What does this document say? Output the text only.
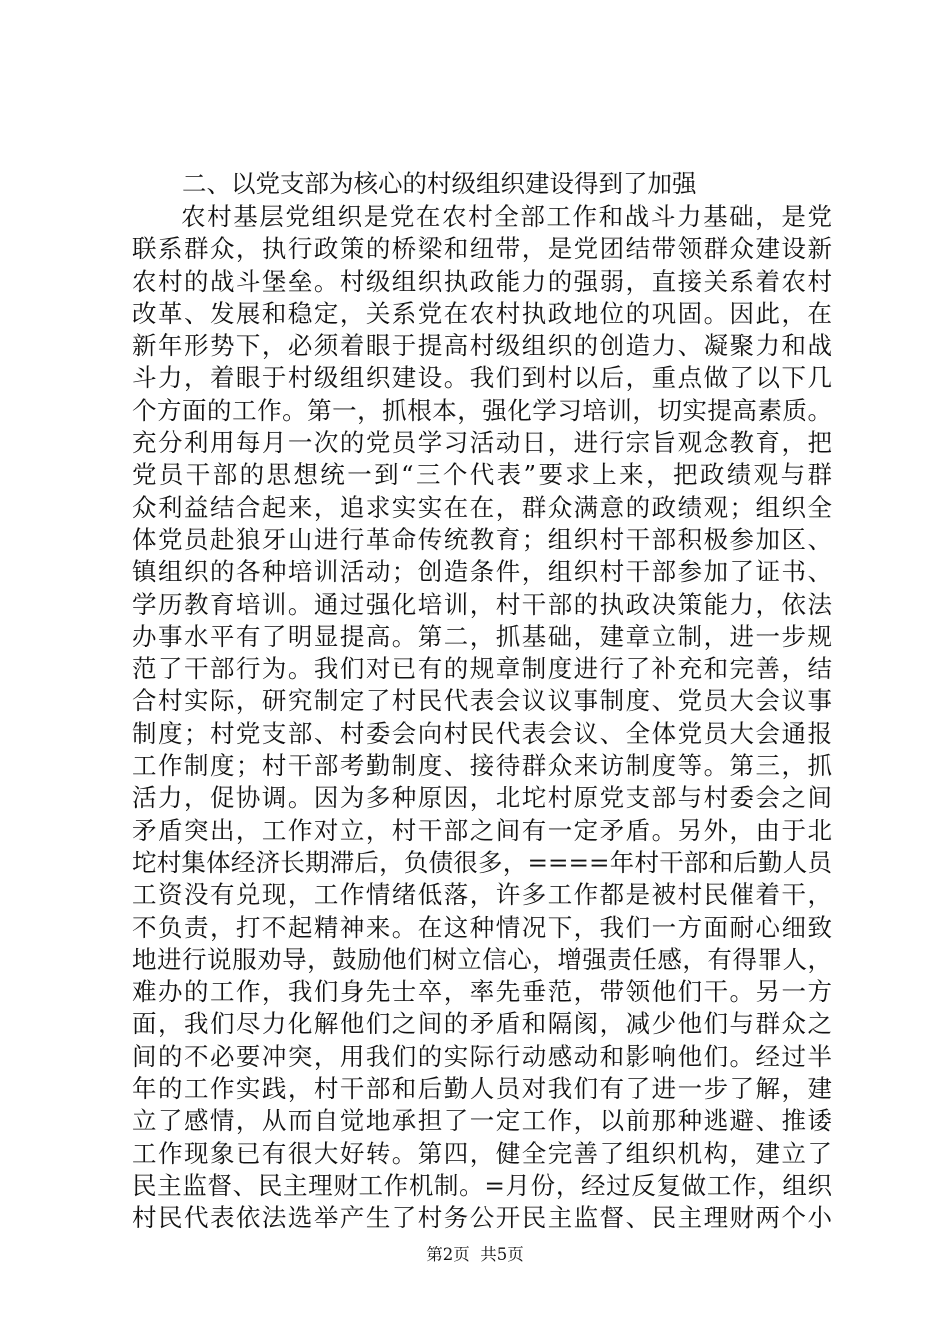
二、以党支部为核心的村级组织建设得到了加强
农村基层党组织是党在农村全部工作和战斗力基础，是党
联系群众，执行政策的桥梁和纽带，是党团结带领群众建设新
农村的战斗堡垒。村级组织执政能力的强弱，直接关系着农村
改革、发展和稳定，关系党在农村执政地位的巩固。因此，在
新年形势下，必须着眼于提高村级组织的创造力、凝聚力和战
斗力，着眼于村级组织建设。我们到村以后，重点做了以下几
个方面的工作。第一，抓根本，强化学习培训，切实提高素质。
充分利用每月一次的党员学习活动日，进行宗旨观念教育，把
党员干部的思想统一到“三个代表”要求上来，把政绩观与群
众利益结合起来，追求实实在在，群众满意的政绩观；组织全
体党员赴狼牙山进行革命传统教育；组织村干部积极参加区、
镇组织的各种培训活动；创造条件，组织村干部参加了证书、
学历教育培训。通过强化培训，村干部的执政决策能力，依法
办事水平有了明显提高。第二，抓基础，建章立制，进一步规
范了干部行为。我们对已有的规章制度进行了补充和完善，结
合村实际，研究制定了村民代表会议议事制度、党员大会议事
制度；村党支部、村委会向村民代表会议、全体党员大会通报
工作制度；村干部考勤制度、接待群众来访制度等。第三，抓
活力，促协调。因为多种原因，北坨村原党支部与村委会之间
矛盾突出，工作对立，村干部之间有一定矛盾。另外，由于北
坨村集体经济长期滞后，负债很多，====年村干部和后勤人员
工资没有兑现，工作情绪低落，许多工作都是被村民催着干，
不负责，打不起精神来。在这种情况下，我们一方面耐心细致
地进行说服劝导，鼓励他们树立信心，增强责任感，有得罪人，
难办的工作，我们身先士卒，率先垂范，带领他们干。另一方
面，我们尽力化解他们之间的矛盾和隔阂，减少他们与群众之
间的不必要冲突，用我们的实际行动感动和影响他们。经过半
年的工作实践，村干部和后勤人员对我们有了进一步了解，建
立了感情，从而自觉地承担了一定工作，以前那种逃避、推诿
工作现象已有很大好转。第四，健全完善了组织机构，建立了
民主监督、民主理财工作机制。=月份，经过反复做工作，组织
村民代表依法选举产生了村务公开民主监督、民主理财两个小
第2页  共5页
